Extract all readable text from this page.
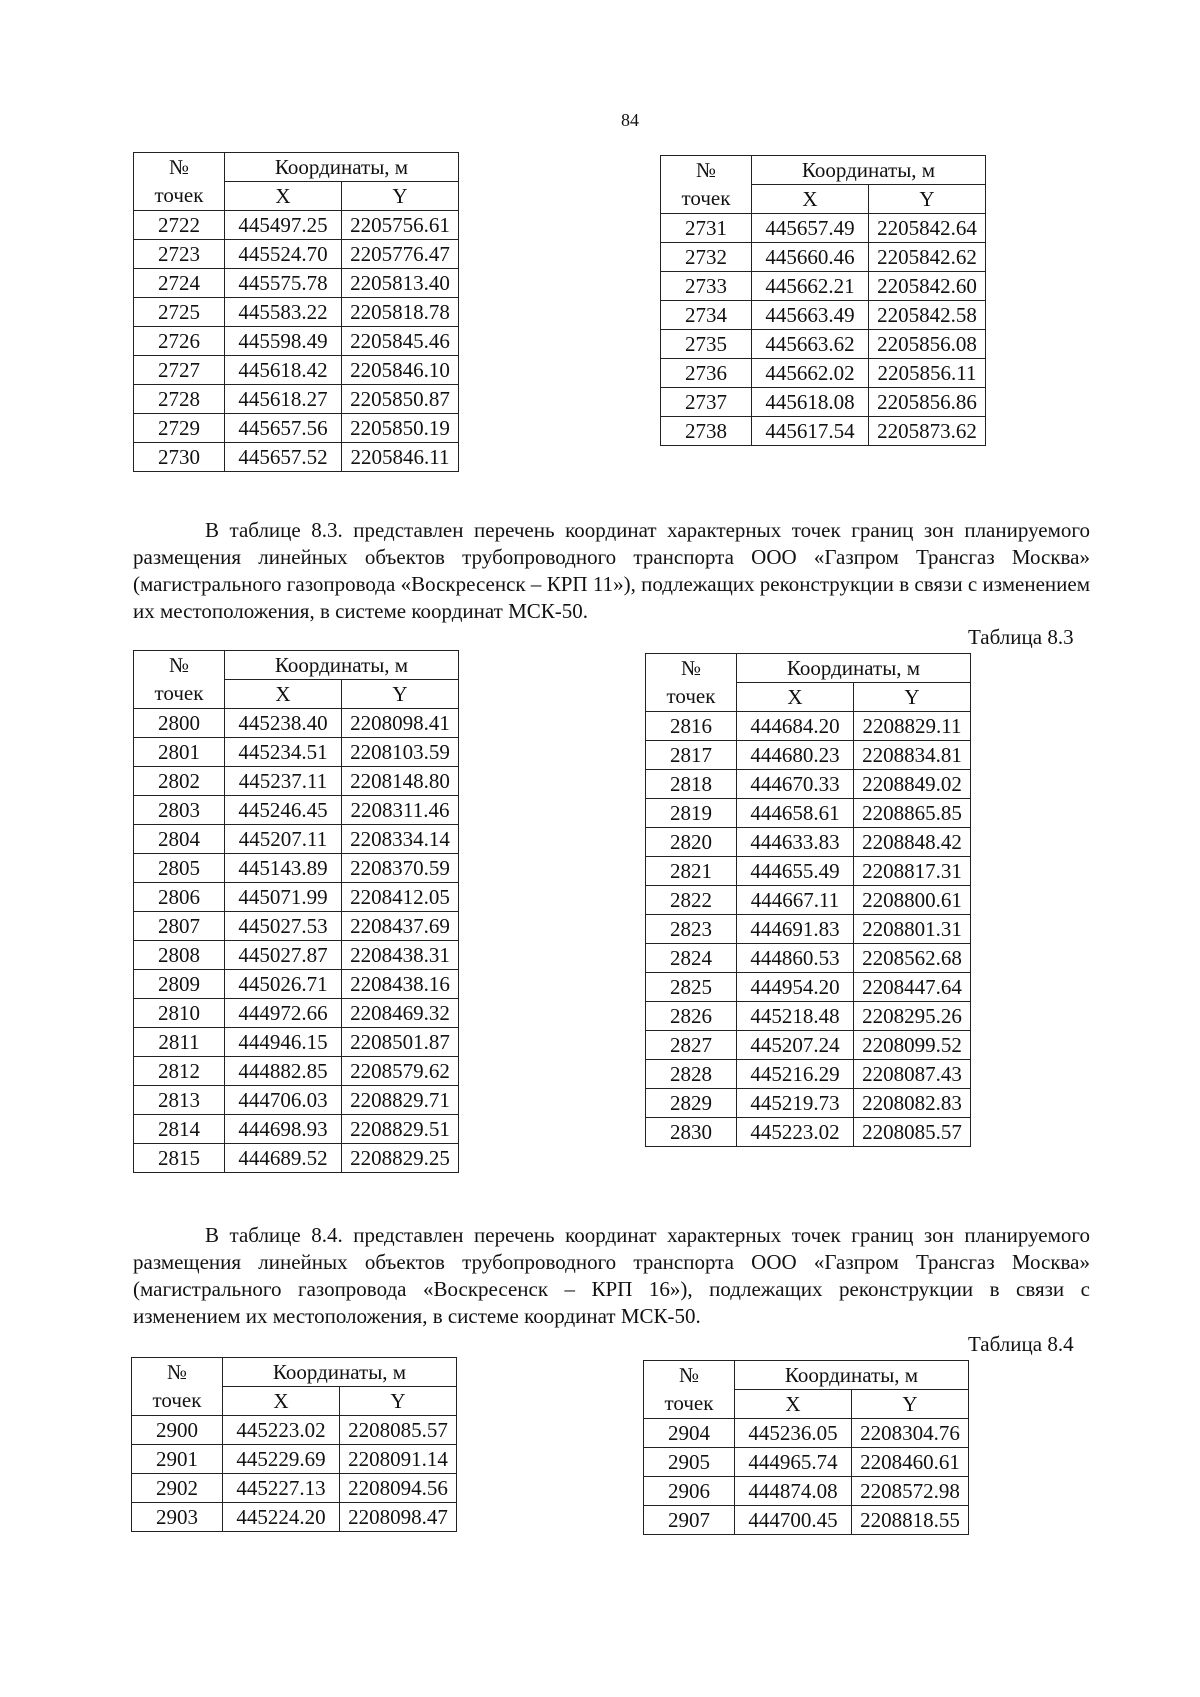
84
№	Координаты, м	
точек	X	Y
2722	445497.25	2205756.61
2723	445524.70	2205776.47
2724	445575.78	2205813.40
2725	445583.22	2205818.78
2726	445598.49	2205845.46
2727	445618.42	2205846.10
2728	445618.27	2205850.87
2729	445657.56	2205850.19
2730	445657.52	2205846.11
№	Координаты, м	
точек	X	Y
2731	445657.49	2205842.64
2732	445660.46	2205842.62
2733	445662.21	2205842.60
2734	445663.49	2205842.58
2735	445663.62	2205856.08
2736	445662.02	2205856.11
2737	445618.08	2205856.86
2738	445617.54	2205873.62

В таблице 8.3. представлен перечень координат характерных точек границ зон планируемого размещения линейных объектов трубопроводного транспорта ООО «Газпром Трансгаз Москва» (магистрального газопровода «Воскресенск – КРП 11»), подлежащих реконструкции в связи с изменением их местоположения, в системе координат МСК-50.

Таблица 8.3
№	Координаты, м	
точек	X	Y
2800	445238.40	2208098.41
2801	445234.51	2208103.59
2802	445237.11	2208148.80
2803	445246.45	2208311.46
2804	445207.11	2208334.14
2805	445143.89	2208370.59
2806	445071.99	2208412.05
2807	445027.53	2208437.69
2808	445027.87	2208438.31
2809	445026.71	2208438.16
2810	444972.66	2208469.32
2811	444946.15	2208501.87
2812	444882.85	2208579.62
2813	444706.03	2208829.71
2814	444698.93	2208829.51
2815	444689.52	2208829.25
№	Координаты, м	
точек	X	Y
2816	444684.20	2208829.11
2817	444680.23	2208834.81
2818	444670.33	2208849.02
2819	444658.61	2208865.85
2820	444633.83	2208848.42
2821	444655.49	2208817.31
2822	444667.11	2208800.61
2823	444691.83	2208801.31
2824	444860.53	2208562.68
2825	444954.20	2208447.64
2826	445218.48	2208295.26
2827	445207.24	2208099.52
2828	445216.29	2208087.43
2829	445219.73	2208082.83
2830	445223.02	2208085.57

В таблице 8.4. представлен перечень координат характерных точек границ зон планируемого размещения линейных объектов трубопроводного транспорта ООО «Газпром Трансгаз Москва» (магистрального газопровода «Воскресенск – КРП 16»), подлежащих реконструкции в связи с изменением их местоположения, в системе координат МСК-50.

Таблица 8.4
№	Координаты, м	
точек	X	Y
2900	445223.02	2208085.57
2901	445229.69	2208091.14
2902	445227.13	2208094.56
2903	445224.20	2208098.47
№	Координаты, м	
точек	X	Y
2904	445236.05	2208304.76
2905	444965.74	2208460.61
2906	444874.08	2208572.98
2907	444700.45	2208818.55
